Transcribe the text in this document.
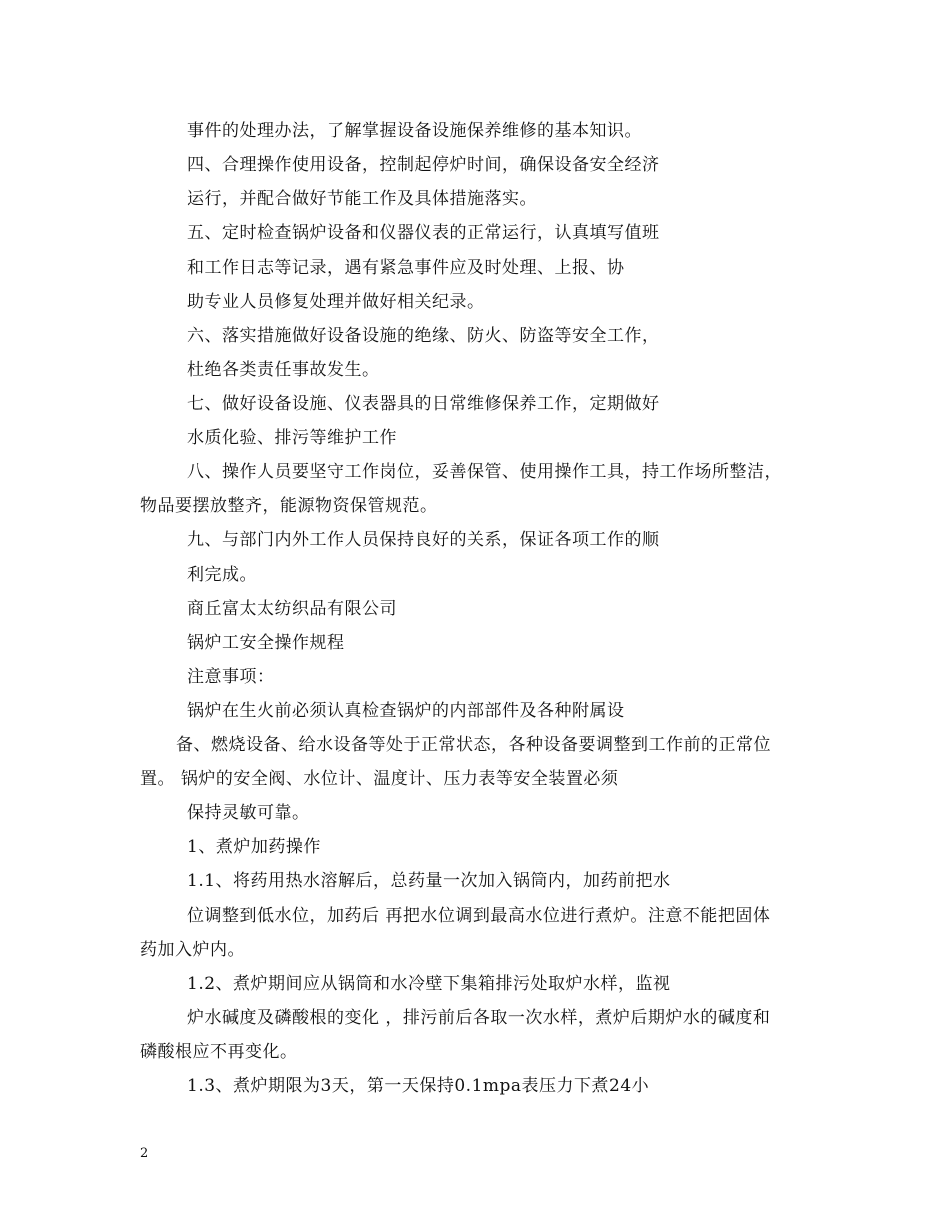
事件的处理办法，了解掌握设备设施保养维修的基本知识。
四、合理操作使用设备，控制起停炉时间，确保设备安全经济
运行，并配合做好节能工作及具体措施落实。
五、定时检查锅炉设备和仪器仪表的正常运行，认真填写值班
和工作日志等记录，遇有紧急事件应及时处理、上报、协
助专业人员修复处理并做好相关纪录。
六、落实措施做好设备设施的绝缘、防火、防盗等安全工作，
杜绝各类责任事故发生。
七、做好设备设施、仪表器具的日常维修保养工作，定期做好
水质化验、排污等维护工作
八、操作人员要坚守工作岗位，妥善保管、使用操作工具，持工作场所整洁，
物品要摆放整齐，能源物资保管规范。
九、与部门内外工作人员保持良好的关系，保证各项工作的顺
利完成。
商丘富太太纺织品有限公司
锅炉工安全操作规程
注意事项：
锅炉在生火前必须认真检查锅炉的内部部件及各种附属设
备、燃烧设备、给水设备等处于正常状态，各种设备要调整到工作前的正常位
置。 锅炉的安全阀、水位计、温度计、压力表等安全装置必须
保持灵敏可靠。
1、煮炉加药操作
1.1、将药用热水溶解后，总药量一次加入锅筒内，加药前把水
位调整到低水位，加药后 再把水位调到最高水位进行煮炉。注意不能把固体
药加入炉内。
1.2、煮炉期间应从锅筒和水冷壁下集箱排污处取炉水样，监视
炉水碱度及磷酸根的变化 ，排污前后各取一次水样，煮炉后期炉水的碱度和
磷酸根应不再变化。
1.3、煮炉期限为3天，第一天保持0.1mpa表压力下煮24小
2
